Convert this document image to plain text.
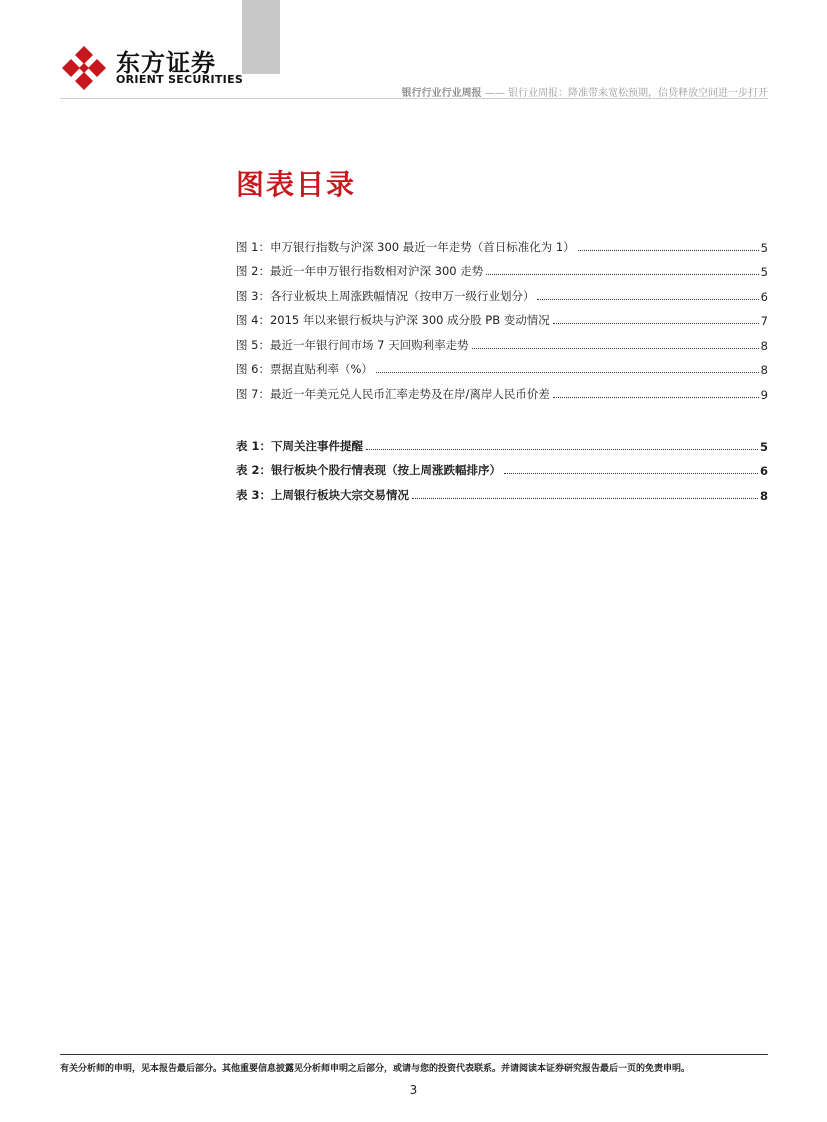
东方证券
ORIENT SECURITIES
银行行业行业周报 —— 银行业周报：降准带来宽松预期，信贷释放空间进一步打开
图表目录
图 1：申万银行指数与沪深 300 最近一年走势（首日标准化为 1）	5
图 2：最近一年申万银行指数相对沪深 300 走势	5
图 3：各行业板块上周涨跌幅情况（按申万一级行业划分）	6
图 4：2015 年以来银行板块与沪深 300 成分股 PB 变动情况	7
图 5：最近一年银行间市场 7 天回购利率走势	8
图 6：票据直贴利率（%）	8
图 7：最近一年美元兑人民币汇率走势及在岸/离岸人民币价差	9
表 1：下周关注事件提醒	5
表 2：银行板块个股行情表现（按上周涨跌幅排序）	6
表 3：上周银行板块大宗交易情况	8
有关分析师的申明，见本报告最后部分。其他重要信息披露见分析师申明之后部分，或请与您的投资代表联系。并请阅读本证券研究报告最后一页的免责申明。
3
